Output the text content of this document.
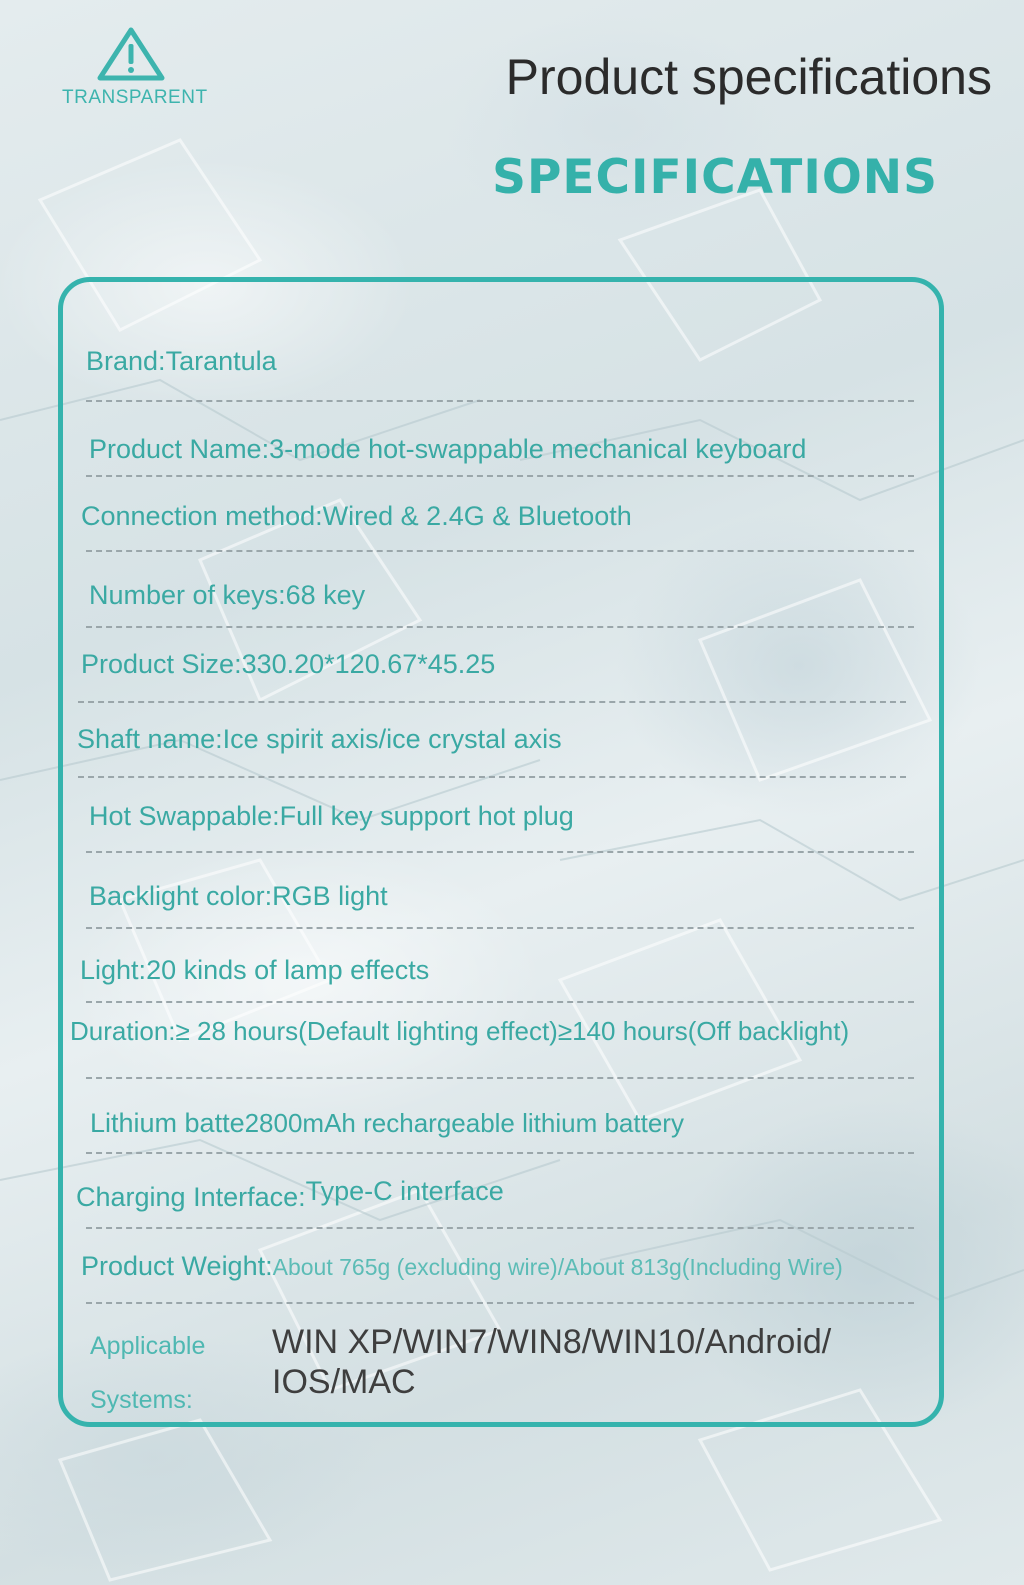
TRANSPARENT	Product specifications
SPECIFICATIONS
Brand:Tarantula
Product Name:3-mode hot-swappable mechanical keyboard
Connection method:Wired & 2.4G & Bluetooth
Number of keys:68 key
Product Size:330.20*120.67*45.25
Shaft name:Ice spirit axis/ice crystal axis
Hot Swappable:Full key support hot plug
Backlight color:RGB light
Light:20 kinds of lamp effects
Duration:≥ 28 hours(Default lighting effect)≥140 hours(Off backlight)
Lithium batte2800mAh rechargeable lithium battery
Charging Interface:Type-C interface
Product Weight:About 765g (excluding wire)/About 813g(Including Wire)
Applicable
Systems:
WIN XP/WIN7/WIN8/WIN10/Android/
IOS/MAC
